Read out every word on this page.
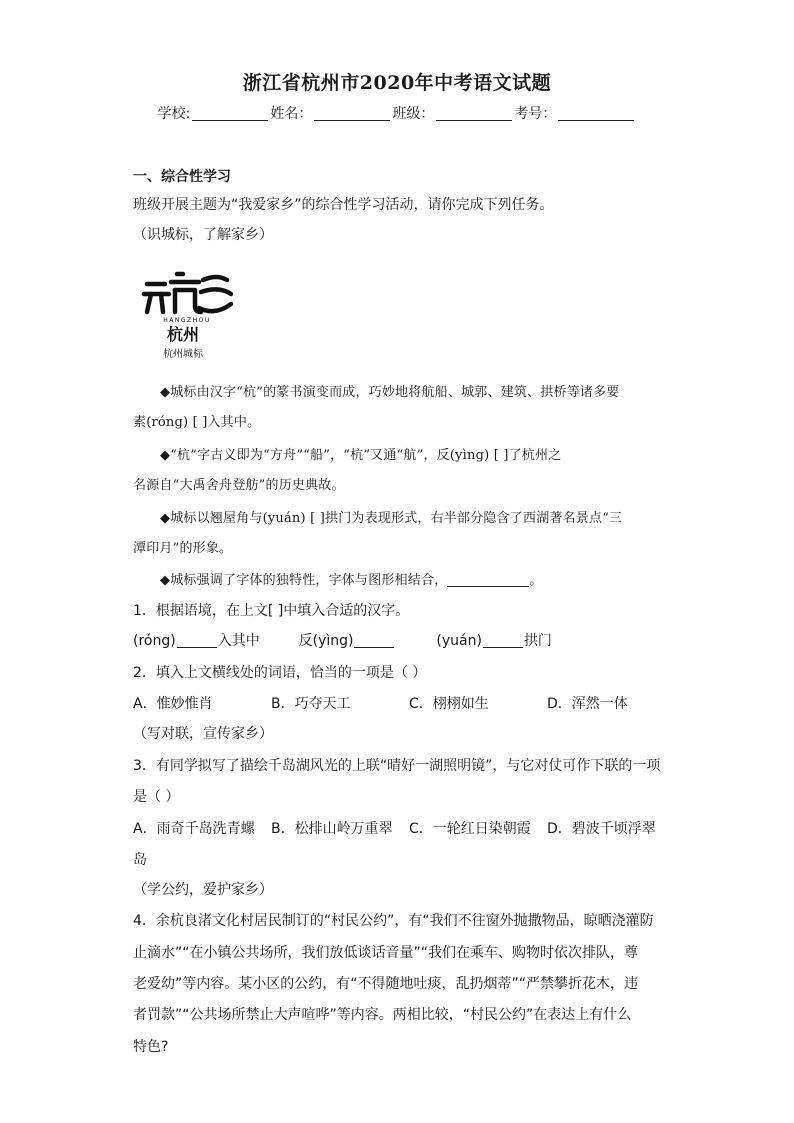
浙江省杭州市2020年中考语文试题
学校:	姓名：	班级：	考号：
一、综合性学习
班级开展主题为“我爱家乡”的综合性学习活动，请你完成下列任务。
（识城标，了解家乡）
HANGZHOU
杭州
杭州城标
◆城标由汉字“杭”的篆书演变而成，巧妙地将航船、城郭、建筑、拱桥等诸多要
素(róng) [ ]入其中。
◆“杭”字古义即为“方舟”“船”，“杭”又通“航”，反(yìng) [ ]了杭州之
名源自“大禹舍舟登舫”的历史典故。
◆城标以翘屋角与(yuán) [ ]拱门为表现形式，右半部分隐含了西湖著名景点“三
潭印月”的形象。
◆城标强调了字体的独特性，字体与图形相结合，	。
1．根据语境，在上文[ ]中填入合适的汉字。
(róng)	入其中	反(yìng)	(yuán)	拱门
2．填入上文横线处的词语，恰当的一项是（ ）
A．惟妙惟肖	B．巧夺天工	C．栩栩如生	D．浑然一体
（写对联，宣传家乡）
3．有同学拟写了描绘千岛湖风光的上联“晴好一湖照明镜”，与它对仗可作下联的一项
是（ ）
A．雨奇千岛洗青螺 B．松排山岭万重翠 C．一轮红日染朝霞 D．碧波千顷浮翠
岛
（学公约，爱护家乡）
4．余杭良渚文化村居民制订的“村民公约”，有“我们不往窗外抛撒物品，晾晒浇灌防
止滴水”“在小镇公共场所，我们放低谈话音量”“我们在乘车、购物时依次排队，尊
老爱幼”等内容。某小区的公约，有“不得随地吐痰，乱扔烟蒂”“严禁攀折花木，违
者罚款”“公共场所禁止大声喧哗”等内容。两相比较，“村民公约”在表达上有什么
特色?
